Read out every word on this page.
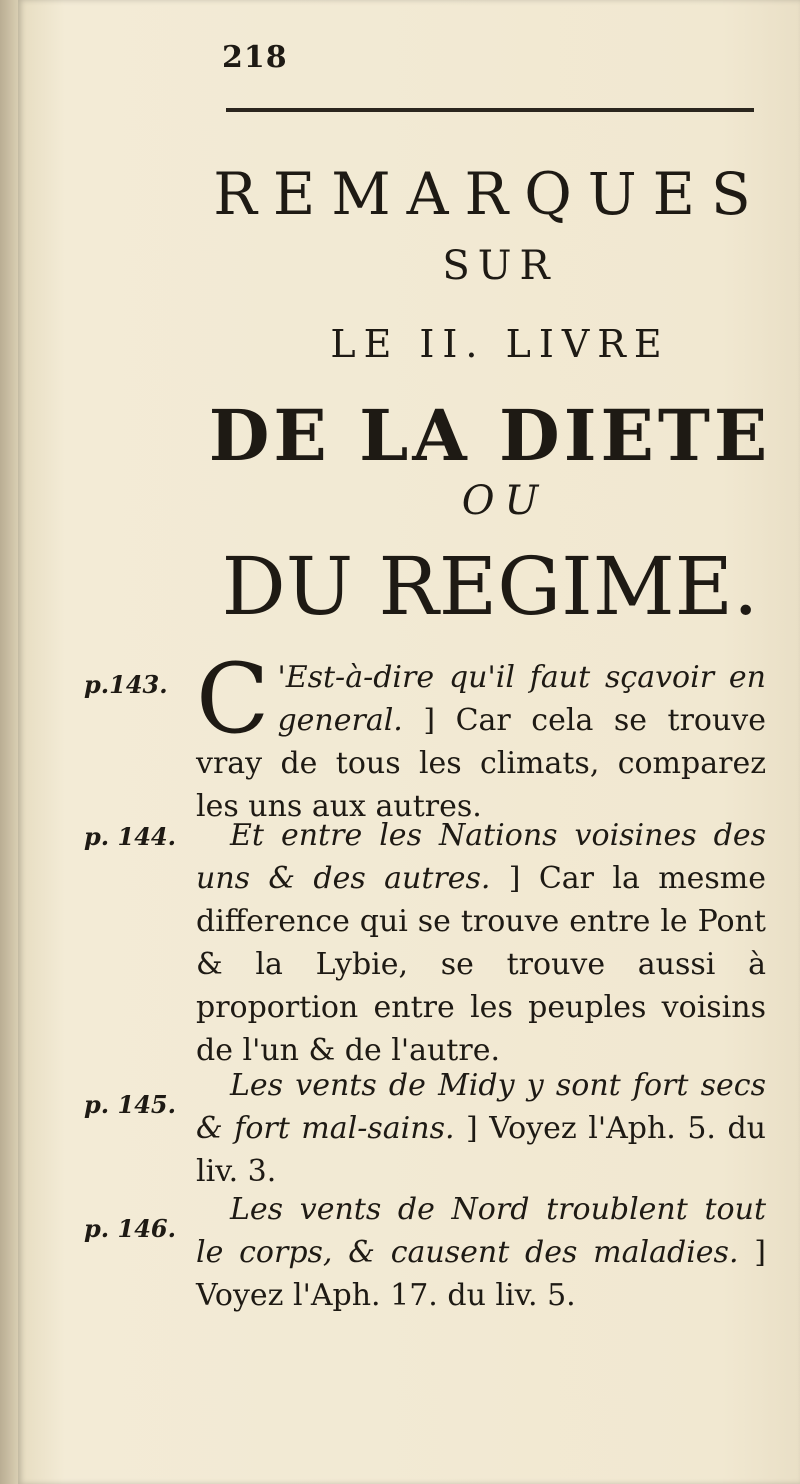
218
REMARQUES
SUR
LE II. LIVRE
DE LA DIETE
OU
DU REGIME.
p.143. C 'Est-à-dire qu'il faut sçavoir en general. ] Car cela se trouve vray de tous les climats, comparez les uns aux autres.
p. 144.	Et entre les Nations voisines des uns & des autres. ] Car la mesme difference qui se trouve entre le Pont & la Lybie, se trouve aussi à proportion entre les peuples voisins de l'un & de l'autre.
p. 145.
Les vents de Midy y sont fort secs & fort mal-sains. ] Voyez l'Aph. 5. du liv. 3.
p. 146.
Les vents de Nord troublent tout le corps, & causent des maladies. ] Voyez l'Aph. 17. du liv. 5.
